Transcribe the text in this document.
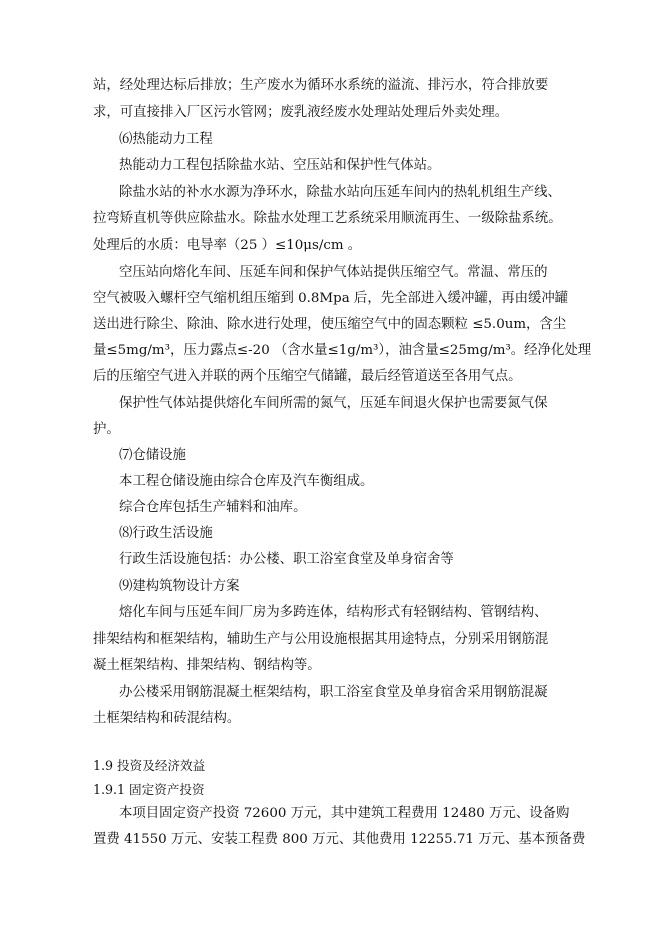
站，经处理达标后排放；生产废水为循环水系统的溢流、排污水，符合排放要
求，可直接排入厂区污水管网；废乳液经废水处理站处理后外卖处理。
⑹热能动力工程
热能动力工程包括除盐水站、空压站和保护性气体站。
除盐水站的补水水源为净环水，除盐水站向压延车间内的热轧机组生产线、
拉弯矫直机等供应除盐水。除盐水处理工艺系统采用顺流再生、一级除盐系统。
处理后的水质：电导率（25 ）≤10μs/cm 。
空压站向熔化车间、压延车间和保护气体站提供压缩空气。常温、常压的
空气被吸入螺杆空气缩机组压缩到 0.8Mpa 后，先全部进入缓冲罐，再由缓冲罐
送出进行除尘、除油、除水进行处理，使压缩空气中的固态颗粒 ≤5.0um，含尘
量≤5mg/m³，压力露点≤-20 （含水量≤1g/m³），油含量≤25mg/m³。经净化处理
后的压缩空气进入并联的两个压缩空气储罐，最后经管道送至各用气点。
保护性气体站提供熔化车间所需的氮气，压延车间退火保护也需要氮气保
护。
⑺仓储设施
本工程仓储设施由综合仓库及汽车衡组成。
综合仓库包括生产辅料和油库。
⑻行政生活设施
行政生活设施包括：办公楼、职工浴室食堂及单身宿舍等
⑼建构筑物设计方案
熔化车间与压延车间厂房为多跨连体，结构形式有轻钢结构、管钢结构、
排架结构和框架结构，辅助生产与公用设施根据其用途特点，分别采用钢筋混
凝土框架结构、排架结构、钢结构等。
办公楼采用钢筋混凝土框架结构，职工浴室食堂及单身宿舍采用钢筋混凝
土框架结构和砖混结构。
1.9 投资及经济效益
1.9.1 固定资产投资
本项目固定资产投资 72600 万元，其中建筑工程费用 12480 万元、设备购
置费 41550 万元、安装工程费 800 万元、其他费用 12255.71 万元、基本预备费
